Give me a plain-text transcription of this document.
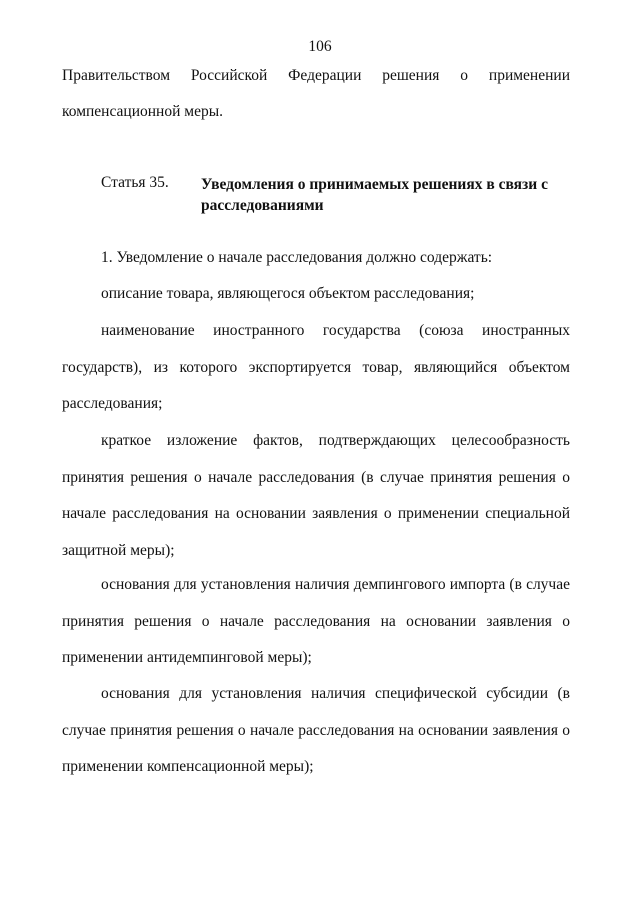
106
Правительством Российской Федерации решения о применении
компенсационной меры.
Статья 35. Уведомления о принимаемых решениях в связи с расследованиями
1. Уведомление о начале расследования должно содержать:
описание товара, являющегося объектом расследования;
наименование иностранного государства (союза иностранных государств), из которого экспортируется товар, являющийся объектом расследования;
краткое изложение фактов, подтверждающих целесообразность принятия решения о начале расследования (в случае принятия решения о начале расследования на основании заявления о применении специальной защитной меры);
основания для установления наличия демпингового импорта (в случае принятия решения о начале расследования на основании заявления о применении антидемпинговой меры);
основания для установления наличия специфической субсидии (в случае принятия решения о начале расследования на основании заявления о применении компенсационной меры);
